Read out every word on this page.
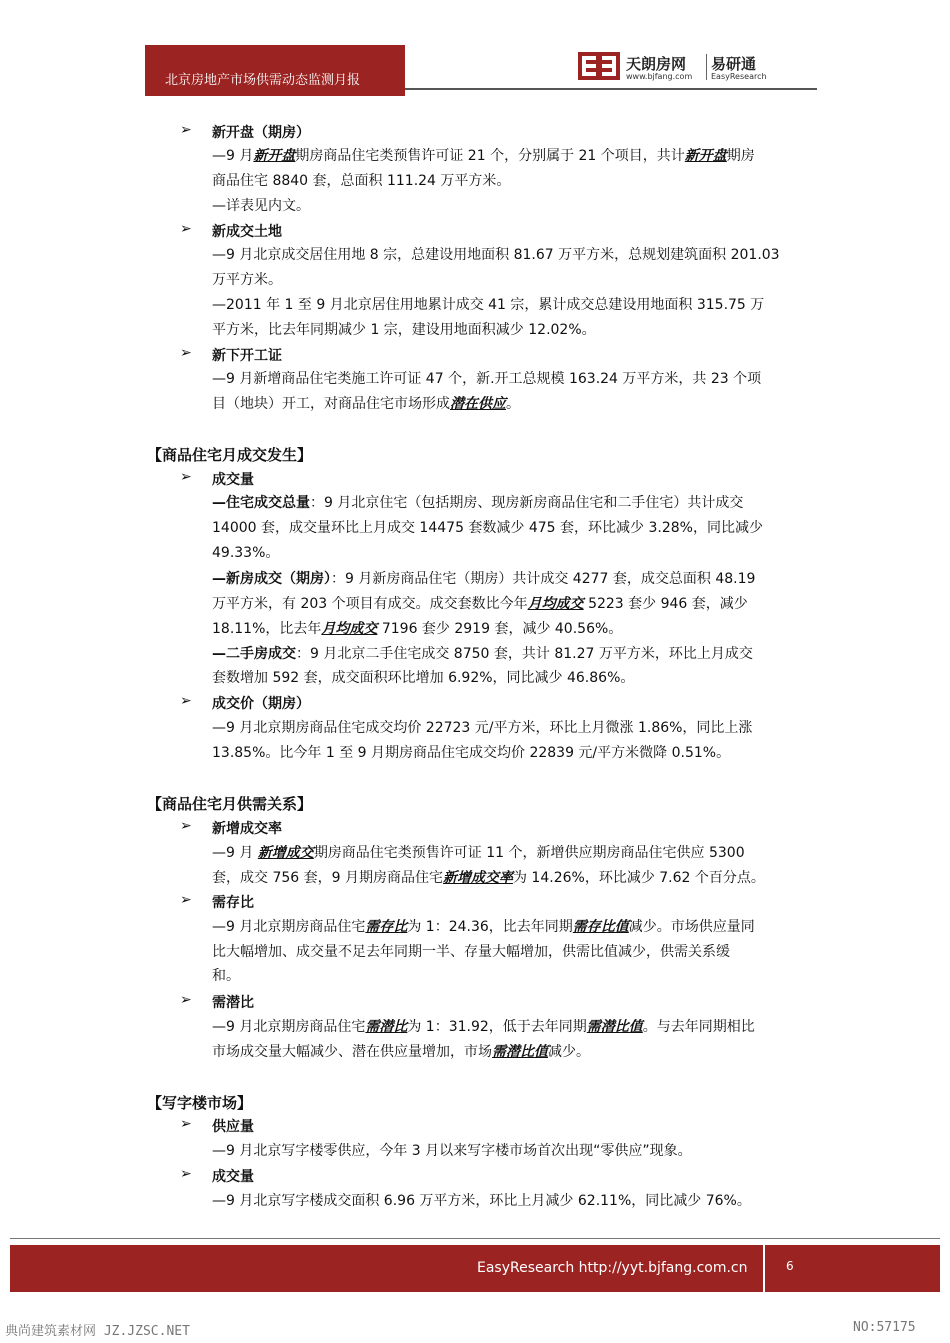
北京房地产市场供需动态监测月报
天朗房网
www.bjfang.com
易研通
EasyResearch
➢ 新开盘（期房）
—9 月新开盘期房商品住宅类预售许可证 21 个，分别属于 21 个项目，共计新开盘期房
商品住宅 8840 套，总面积 111.24 万平方米。
—详表见内文。
➢ 新成交土地
—9 月北京成交居住用地 8 宗，总建设用地面积 81.67 万平方米，总规划建筑面积 201.03
万平方米。
—2011 年 1 至 9 月北京居住用地累计成交 41 宗，累计成交总建设用地面积 315.75 万
平方米，比去年同期减少 1 宗，建设用地面积减少 12.02%。
➢ 新下开工证
—9 月新增商品住宅类施工许可证 47 个，新.开工总规模 163.24 万平方米，共 23 个项
目（地块）开工，对商品住宅市场形成潜在供应。
【商品住宅月成交发生】
➢ 成交量
—住宅成交总量：9 月北京住宅（包括期房、现房新房商品住宅和二手住宅）共计成交
14000 套，成交量环比上月成交 14475 套数减少 475 套，环比减少 3.28%，同比减少
49.33%。
—新房成交（期房）：9 月新房商品住宅（期房）共计成交 4277 套，成交总面积 48.19
万平方米，有 203 个项目有成交。成交套数比今年月均成交 5223 套少 946 套，减少
18.11%，比去年月均成交 7196 套少 2919 套，减少 40.56%。
—二手房成交：9 月北京二手住宅成交 8750 套，共计 81.27 万平方米，环比上月成交
套数增加 592 套，成交面积环比增加 6.92%，同比减少 46.86%。
➢ 成交价（期房）
—9 月北京期房商品住宅成交均价 22723 元/平方米，环比上月微涨 1.86%，同比上涨
13.85%。比今年 1 至 9 月期房商品住宅成交均价 22839 元/平方米微降 0.51%。
【商品住宅月供需关系】
➢ 新增成交率
—9 月 新增成交期房商品住宅类预售许可证 11 个，新增供应期房商品住宅供应 5300
套，成交 756 套，9 月期房商品住宅新增成交率为 14.26%，环比减少 7.62 个百分点。
➢ 需存比
—9 月北京期房商品住宅需存比为 1：24.36，比去年同期需存比值减少。市场供应量同
比大幅增加、成交量不足去年同期一半、存量大幅增加，供需比值减少，供需关系缓
和。
➢ 需潜比
—9 月北京期房商品住宅需潜比为 1：31.92，低于去年同期需潜比值。与去年同期相比
市场成交量大幅减少、潜在供应量增加，市场需潜比值减少。
【写字楼市场】
➢ 供应量
—9 月北京写字楼零供应，今年 3 月以来写字楼市场首次出现“零供应”现象。
➢ 成交量
—9 月北京写字楼成交面积 6.96 万平方米，环比上月减少 62.11%，同比减少 76%。
EasyResearch http://yyt.bjfang.com.cn	6
典尚建筑素材网 JZ.JZSC.NET	NO:57175
